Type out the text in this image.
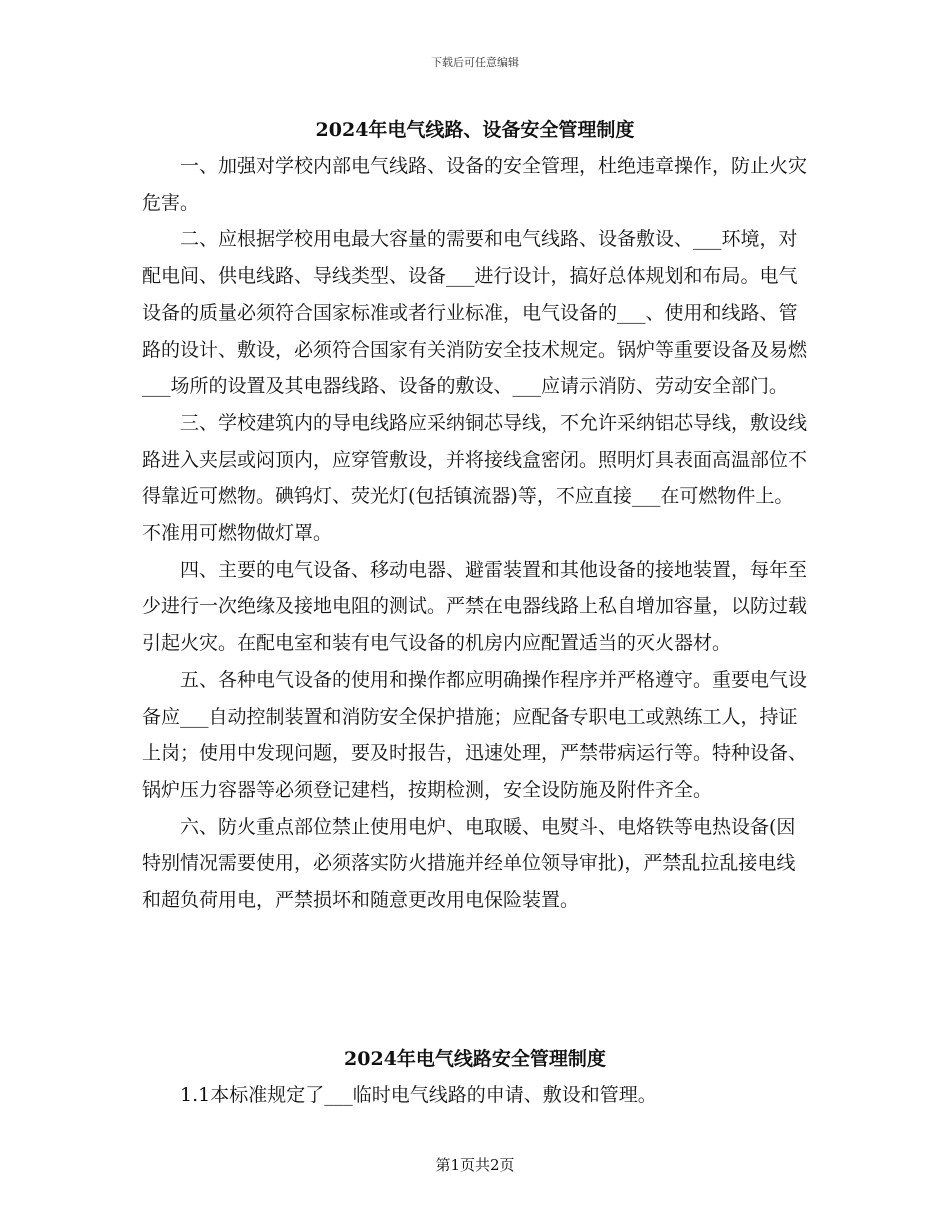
下载后可任意编辑
2024年电气线路、设备安全管理制度

一、加强对学校内部电气线路、设备的安全管理，杜绝违章操作，防止火灾危害。

二、应根据学校用电最大容量的需要和电气线路、设备敷设、___环境，对配电间、供电线路、导线类型、设备___进行设计，搞好总体规划和布局。电气设备的质量必须符合国家标准或者行业标准，电气设备的___、使用和线路、管路的设计、敷设，必须符合国家有关消防安全技术规定。锅炉等重要设备及易燃___场所的设置及其电器线路、设备的敷设、___应请示消防、劳动安全部门。

三、学校建筑内的导电线路应采纳铜芯导线，不允许采纳铝芯导线，敷设线路进入夹层或闷顶内，应穿管敷设，并将接线盒密闭。照明灯具表面高温部位不得靠近可燃物。碘钨灯、荧光灯(包括镇流器)等，不应直接___在可燃物件上。不准用可燃物做灯罩。

四、主要的电气设备、移动电器、避雷装置和其他设备的接地装置，每年至少进行一次绝缘及接地电阻的测试。严禁在电器线路上私自增加容量，以防过载引起火灾。在配电室和装有电气设备的机房内应配置适当的灭火器材。

五、各种电气设备的使用和操作都应明确操作程序并严格遵守。重要电气设备应___自动控制装置和消防安全保护措施；应配备专职电工或熟练工人，持证上岗；使用中发现问题，要及时报告，迅速处理，严禁带病运行等。特种设备、锅炉压力容器等必须登记建档，按期检测，安全设防施及附件齐全。

六、防火重点部位禁止使用电炉、电取暖、电熨斗、电烙铁等电热设备(因特别情况需要使用，必须落实防火措施并经单位领导审批)，严禁乱拉乱接电线和超负荷用电，严禁损坏和随意更改用电保险装置。

2024年电气线路安全管理制度

1.1本标准规定了___临时电气线路的申请、敷设和管理。

第1页共2页
